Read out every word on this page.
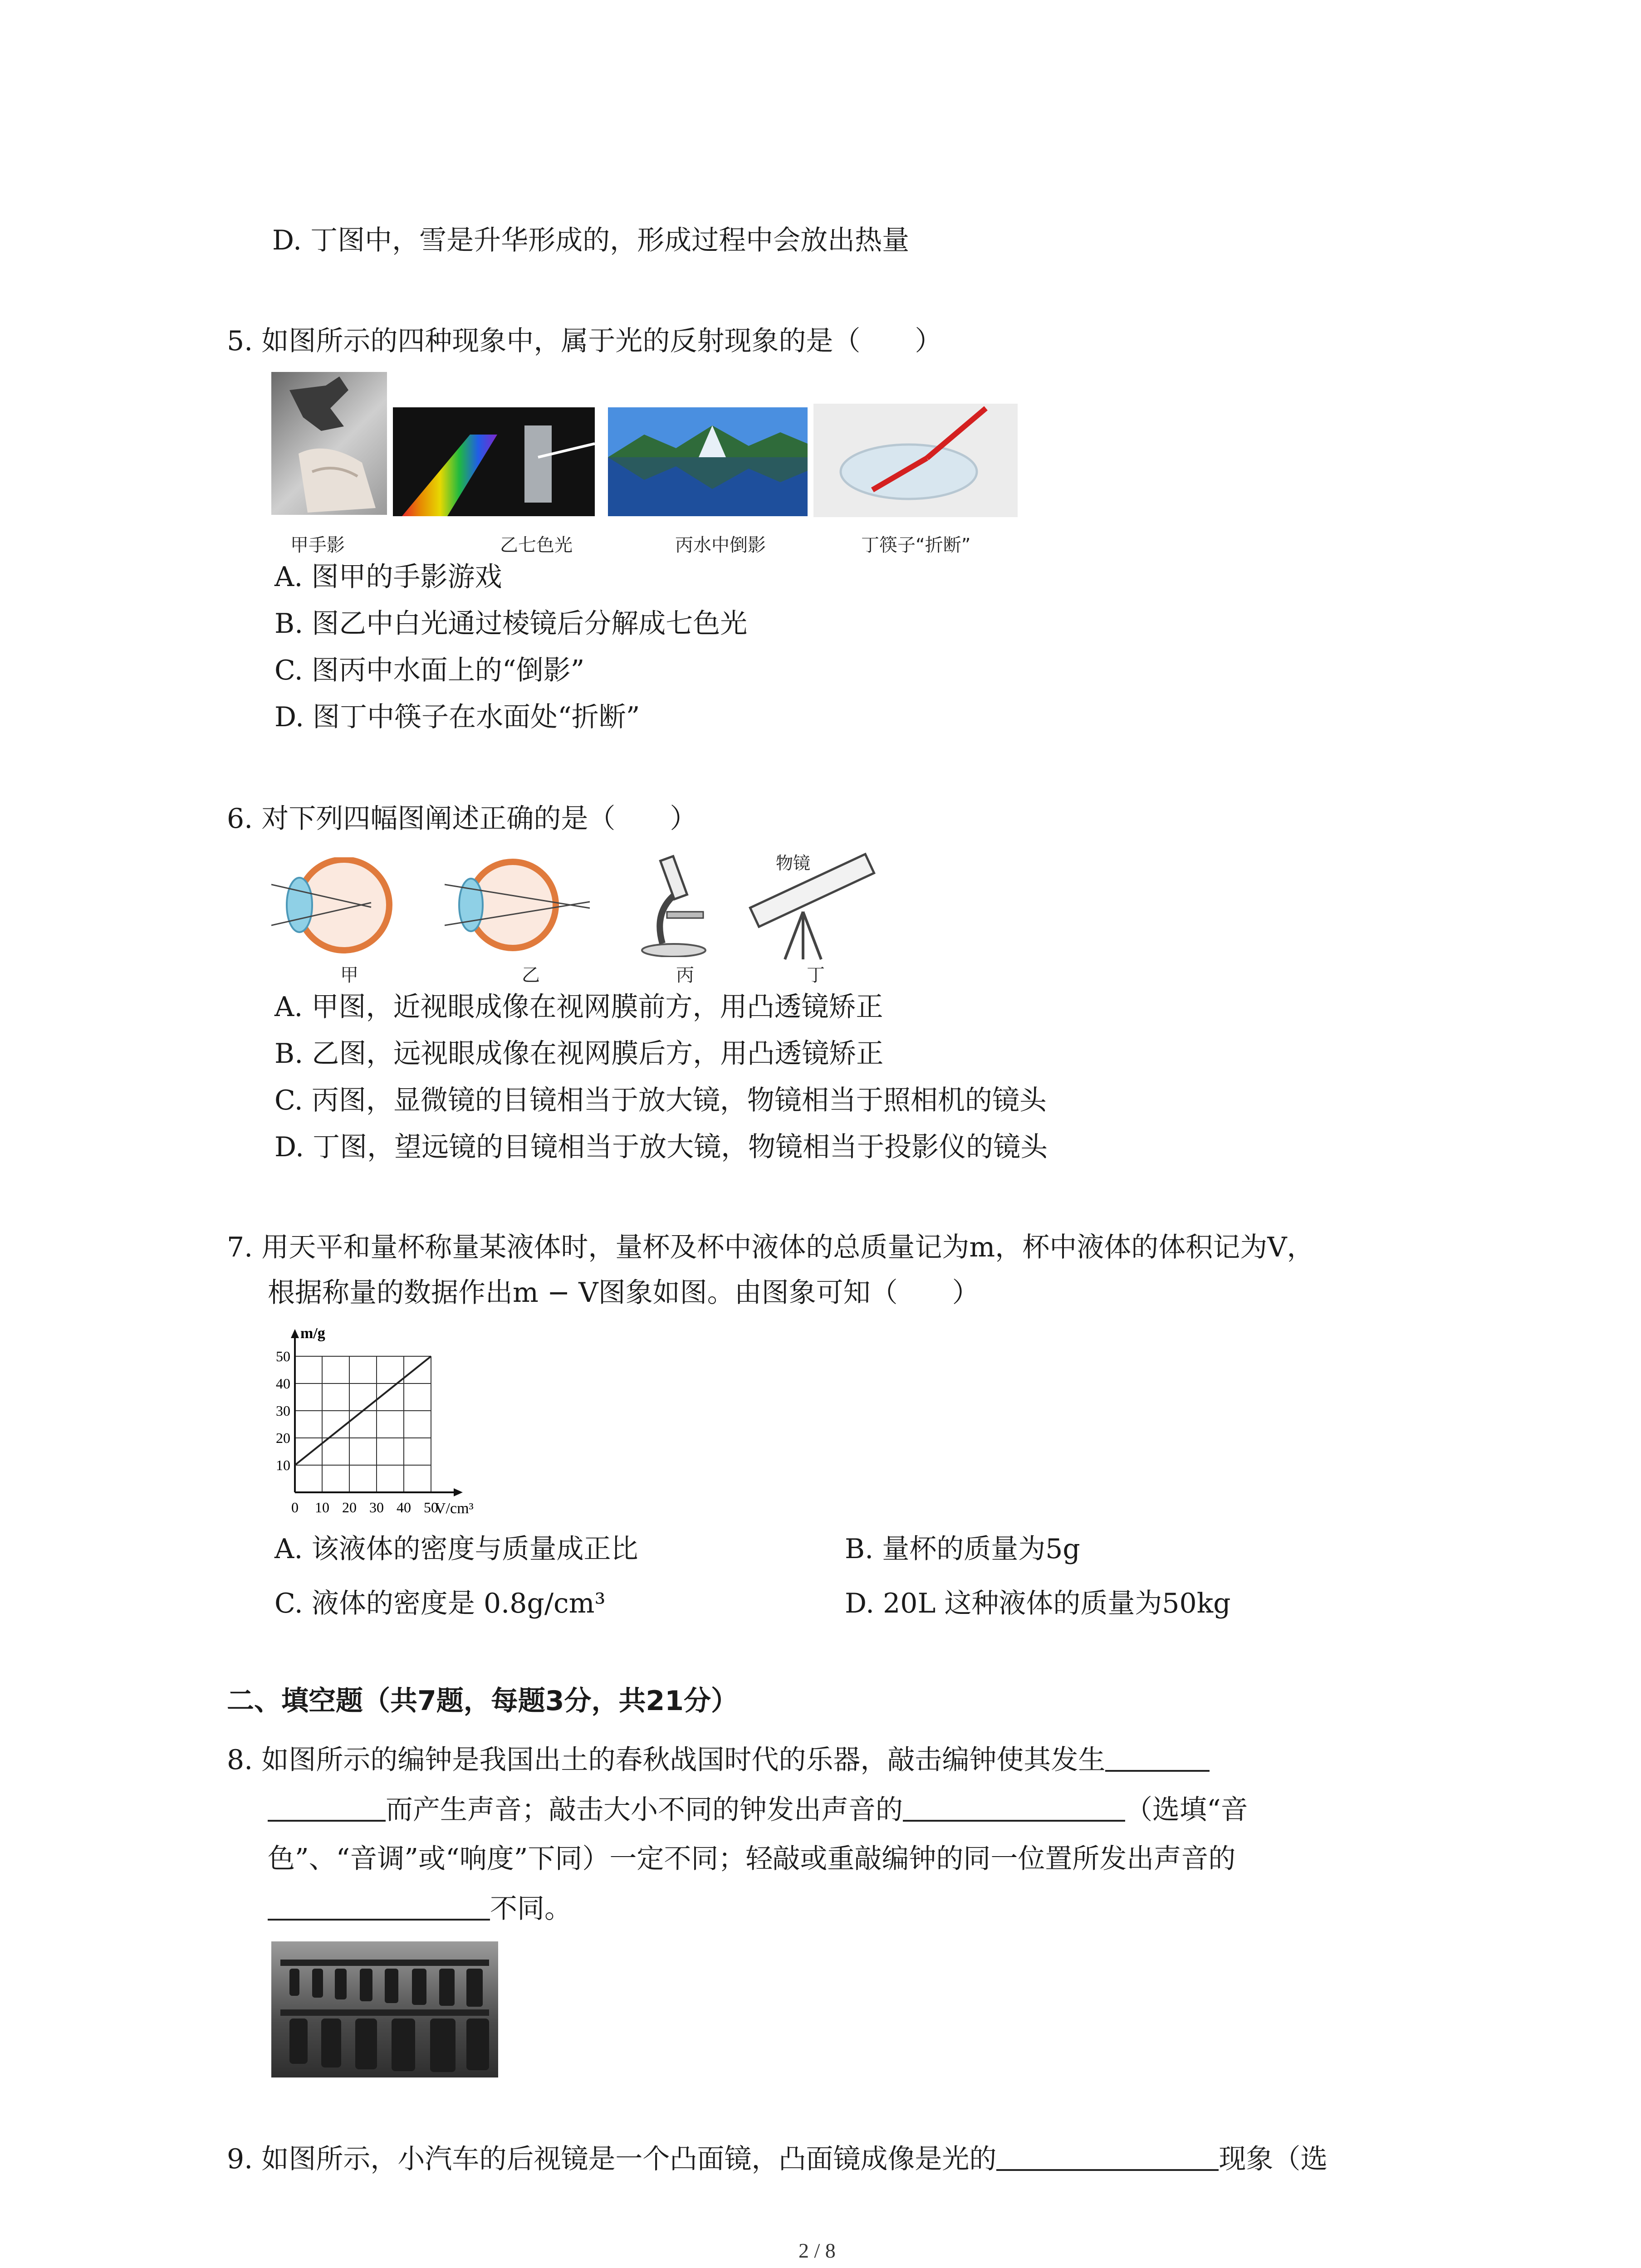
D. 丁图中，雪是升华形成的，形成过程中会放出热量
5. 如图所示的四种现象中，属于光的反射现象的是（　　）
甲手影	乙七色光	丙水中倒影	丁筷子“折断”
A. 图甲的手影游戏
B. 图乙中白光通过棱镜后分解成七色光
C. 图丙中水面上的“倒影”
D. 图丁中筷子在水面处“折断”
6. 对下列四幅图阐述正确的是（　　）
物镜
甲	乙	丙	丁
A. 甲图，近视眼成像在视网膜前方，用凸透镜矫正
B. 乙图，远视眼成像在视网膜后方，用凸透镜矫正
C. 丙图，显微镜的目镜相当于放大镜，物镜相当于照相机的镜头
D. 丁图，望远镜的目镜相当于放大镜，物镜相当于投影仪的镜头
7. 用天平和量杯称量某液体时，量杯及杯中液体的总质量记为m，杯中液体的体积记为V，
根据称量的数据作出m − V图象如图。由图象可知（　　）
0 10 20 30 40 50
10
20
30
40
50
V/cm³
m/g
A. 该液体的密度与质量成正比	B. 量杯的质量为5g
C. 液体的密度是 0.8g/cm³	D. 20L 这种液体的质量为50kg
二、填空题（共7题，每题3分，共21分）
8. 如图所示的编钟是我国出土的春秋战国时代的乐器，敲击编钟使其发生
而产生声音；敲击大小不同的钟发出声音的	（选填“音
色”、“音调”或“响度”下同）一定不同；轻敲或重敲编钟的同一位置所发出声音的
不同。
9. 如图所示，小汽车的后视镜是一个凸面镜，凸面镜成像是光的	现象（选
2 / 8
